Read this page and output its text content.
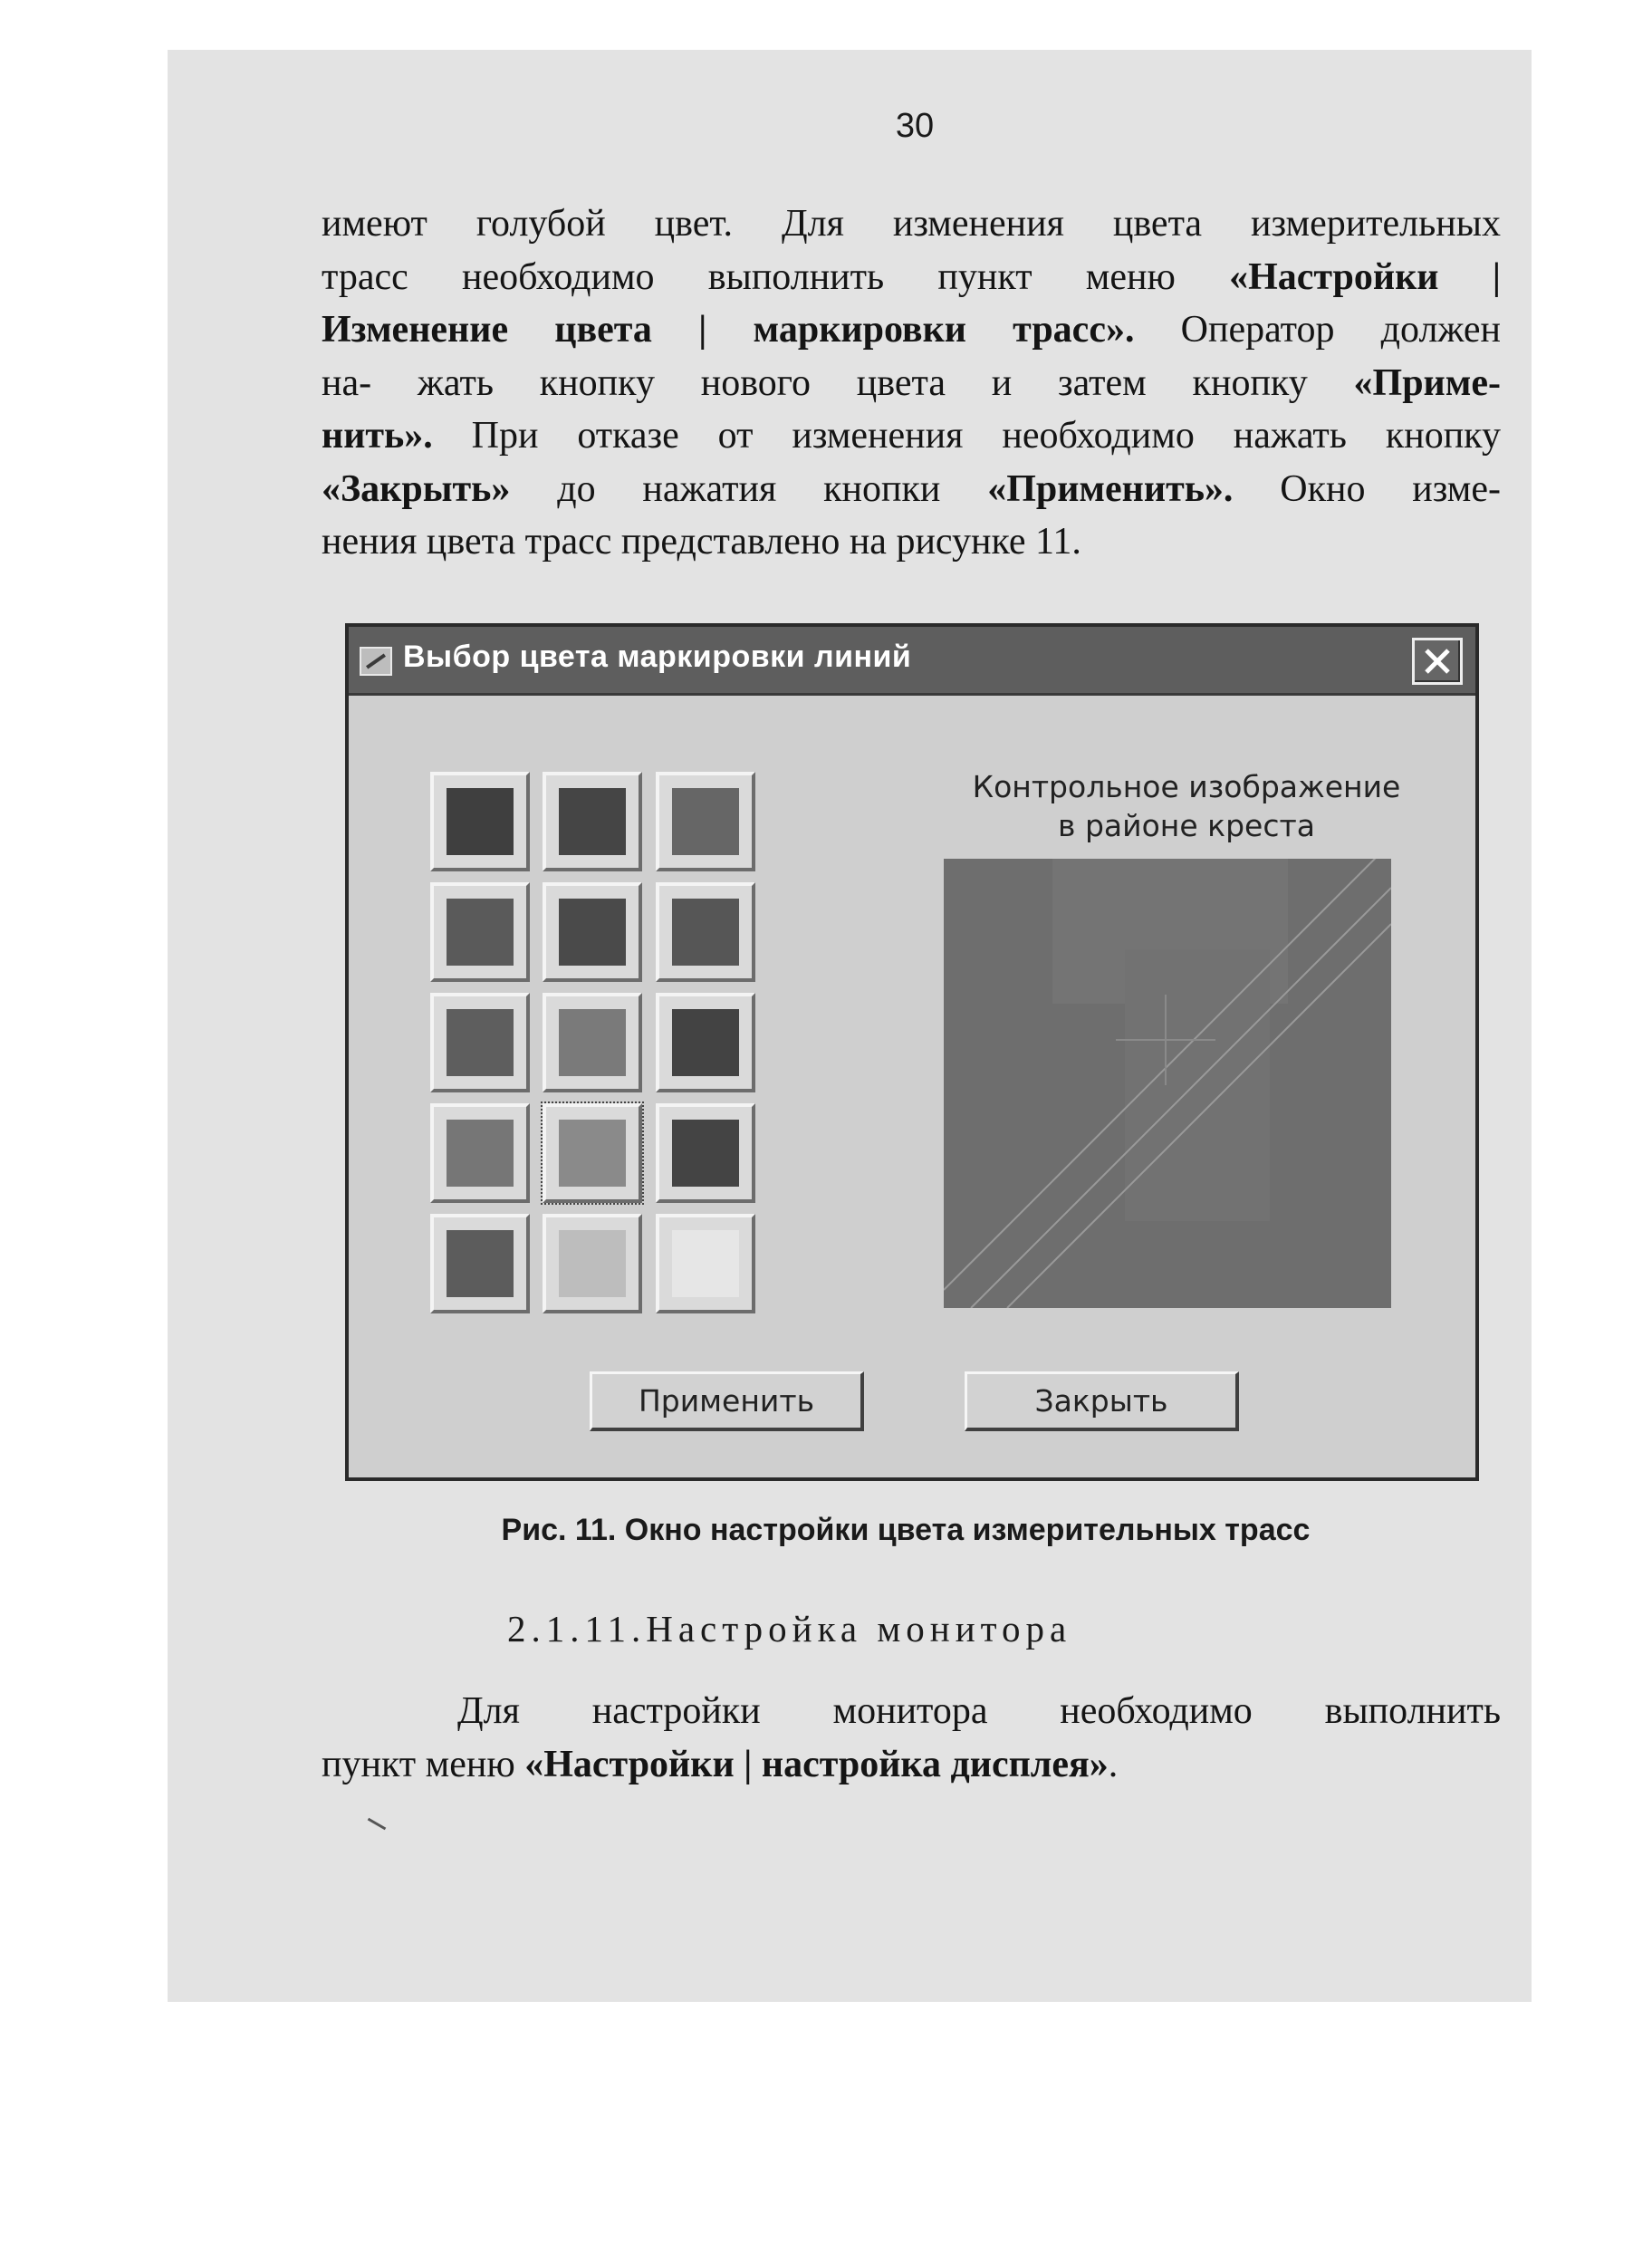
30
имеют голубой цвет. Для изменения цвета измерительных
трасс необходимо выполнить пункт меню «Настройки |
Изменение цвета | маркировки трасс». Оператор должен
на- жать кнопку нового цвета и затем кнопку «Приме-
нить». При отказе от изменения необходимо нажать кнопку
«Закрыть» до нажатия кнопки «Применить». Окно изме-
нения цвета трасс представлено на рисунке 11.
Выбор цвета маркировки линий
Контрольное изображение
в районе креста
Применить	Закрыть
Рис. 11. Окно настройки цвета измерительных трасс
2.1.11.Настройка монитора
Для настройки монитора необходимо выполнить
пункт меню «Настройки | настройка дисплея».
